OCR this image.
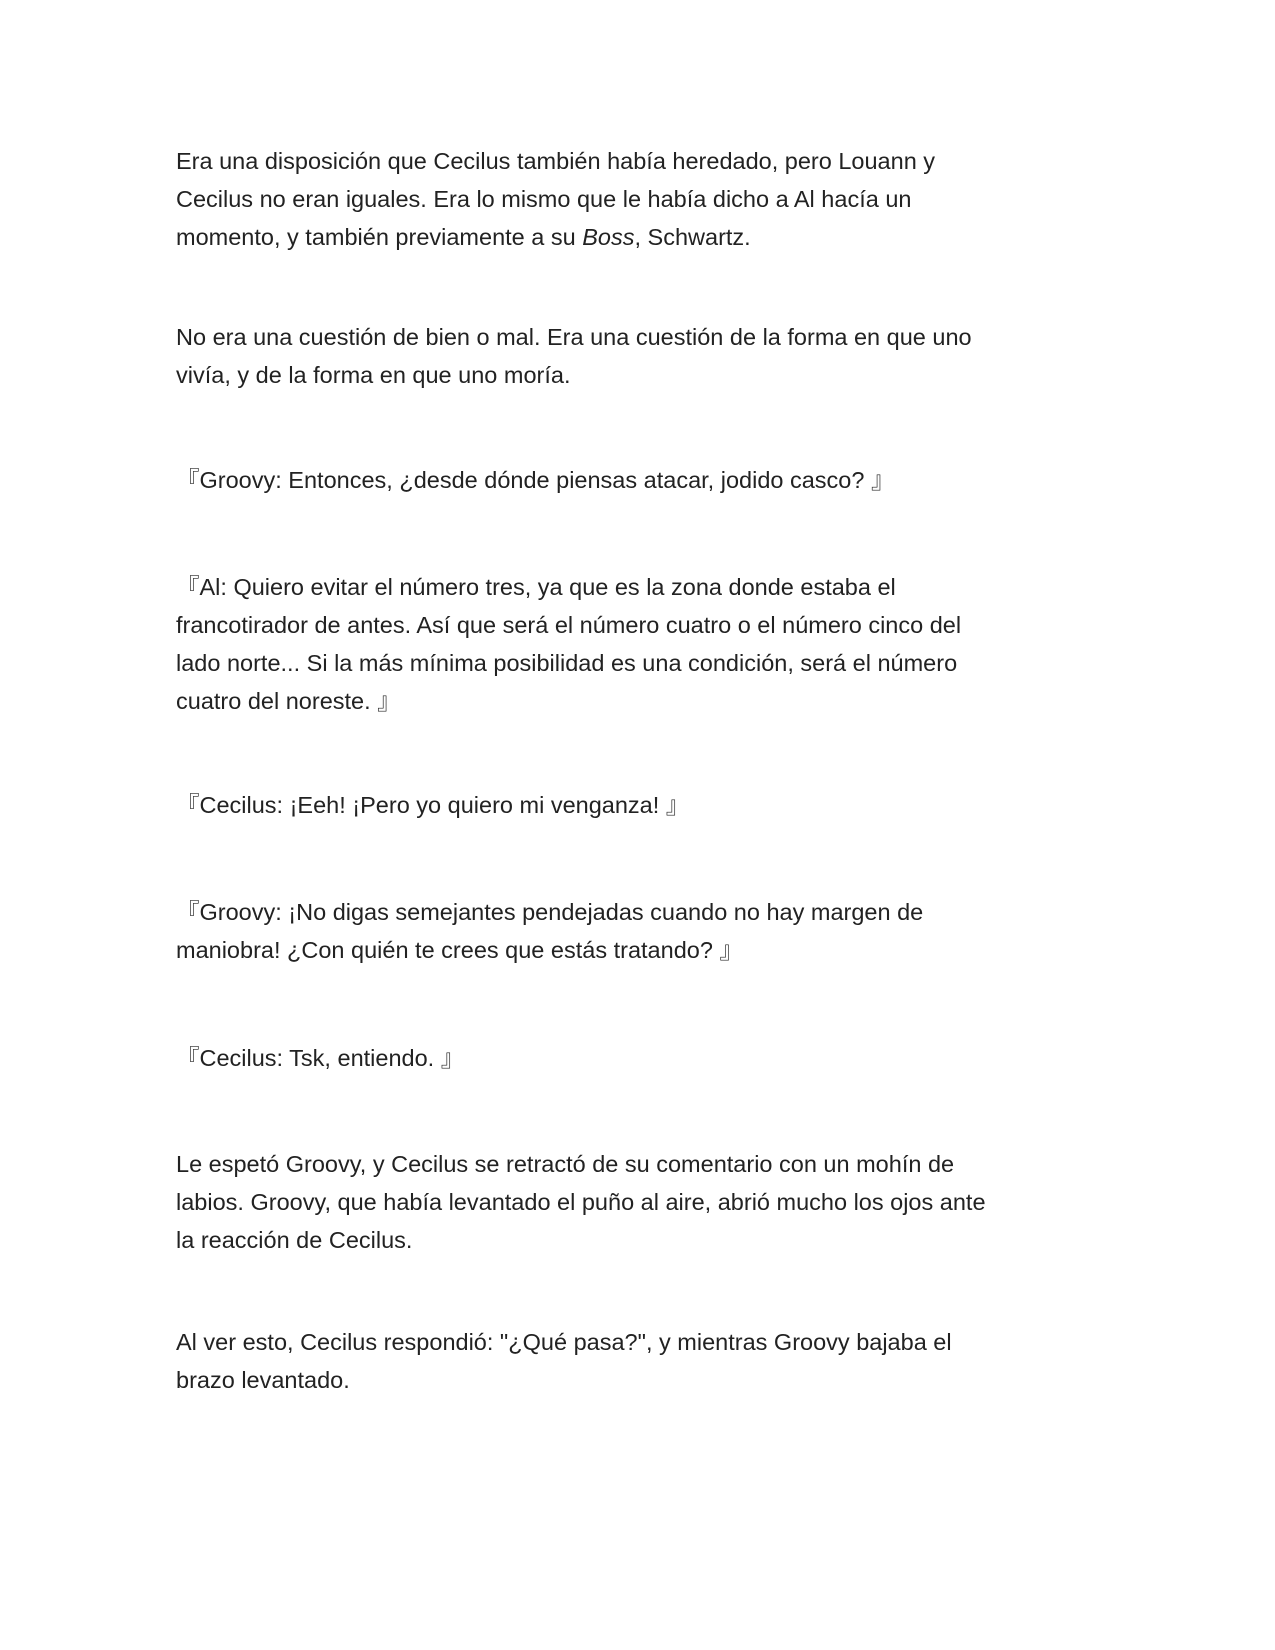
Era una disposición que Cecilus también había heredado, pero Louann y
Cecilus no eran iguales. Era lo mismo que le había dicho a Al hacía un
momento, y también previamente a su Boss, Schwartz.

No era una cuestión de bien o mal. Era una cuestión de la forma en que uno
vivía, y de la forma en que uno moría.

『Groovy: Entonces, ¿desde dónde piensas atacar, jodido casco? 』

『Al: Quiero evitar el número tres, ya que es la zona donde estaba el
francotirador de antes. Así que será el número cuatro o el número cinco del
lado norte... Si la más mínima posibilidad es una condición, será el número
cuatro del noreste. 』

『Cecilus: ¡Eeh! ¡Pero yo quiero mi venganza! 』

『Groovy: ¡No digas semejantes pendejadas cuando no hay margen de
maniobra! ¿Con quién te crees que estás tratando? 』

『Cecilus: Tsk, entiendo. 』

Le espetó Groovy, y Cecilus se retractó de su comentario con un mohín de
labios. Groovy, que había levantado el puño al aire, abrió mucho los ojos ante
la reacción de Cecilus.

Al ver esto, Cecilus respondió: "¿Qué pasa?", y mientras Groovy bajaba el
brazo levantado.
